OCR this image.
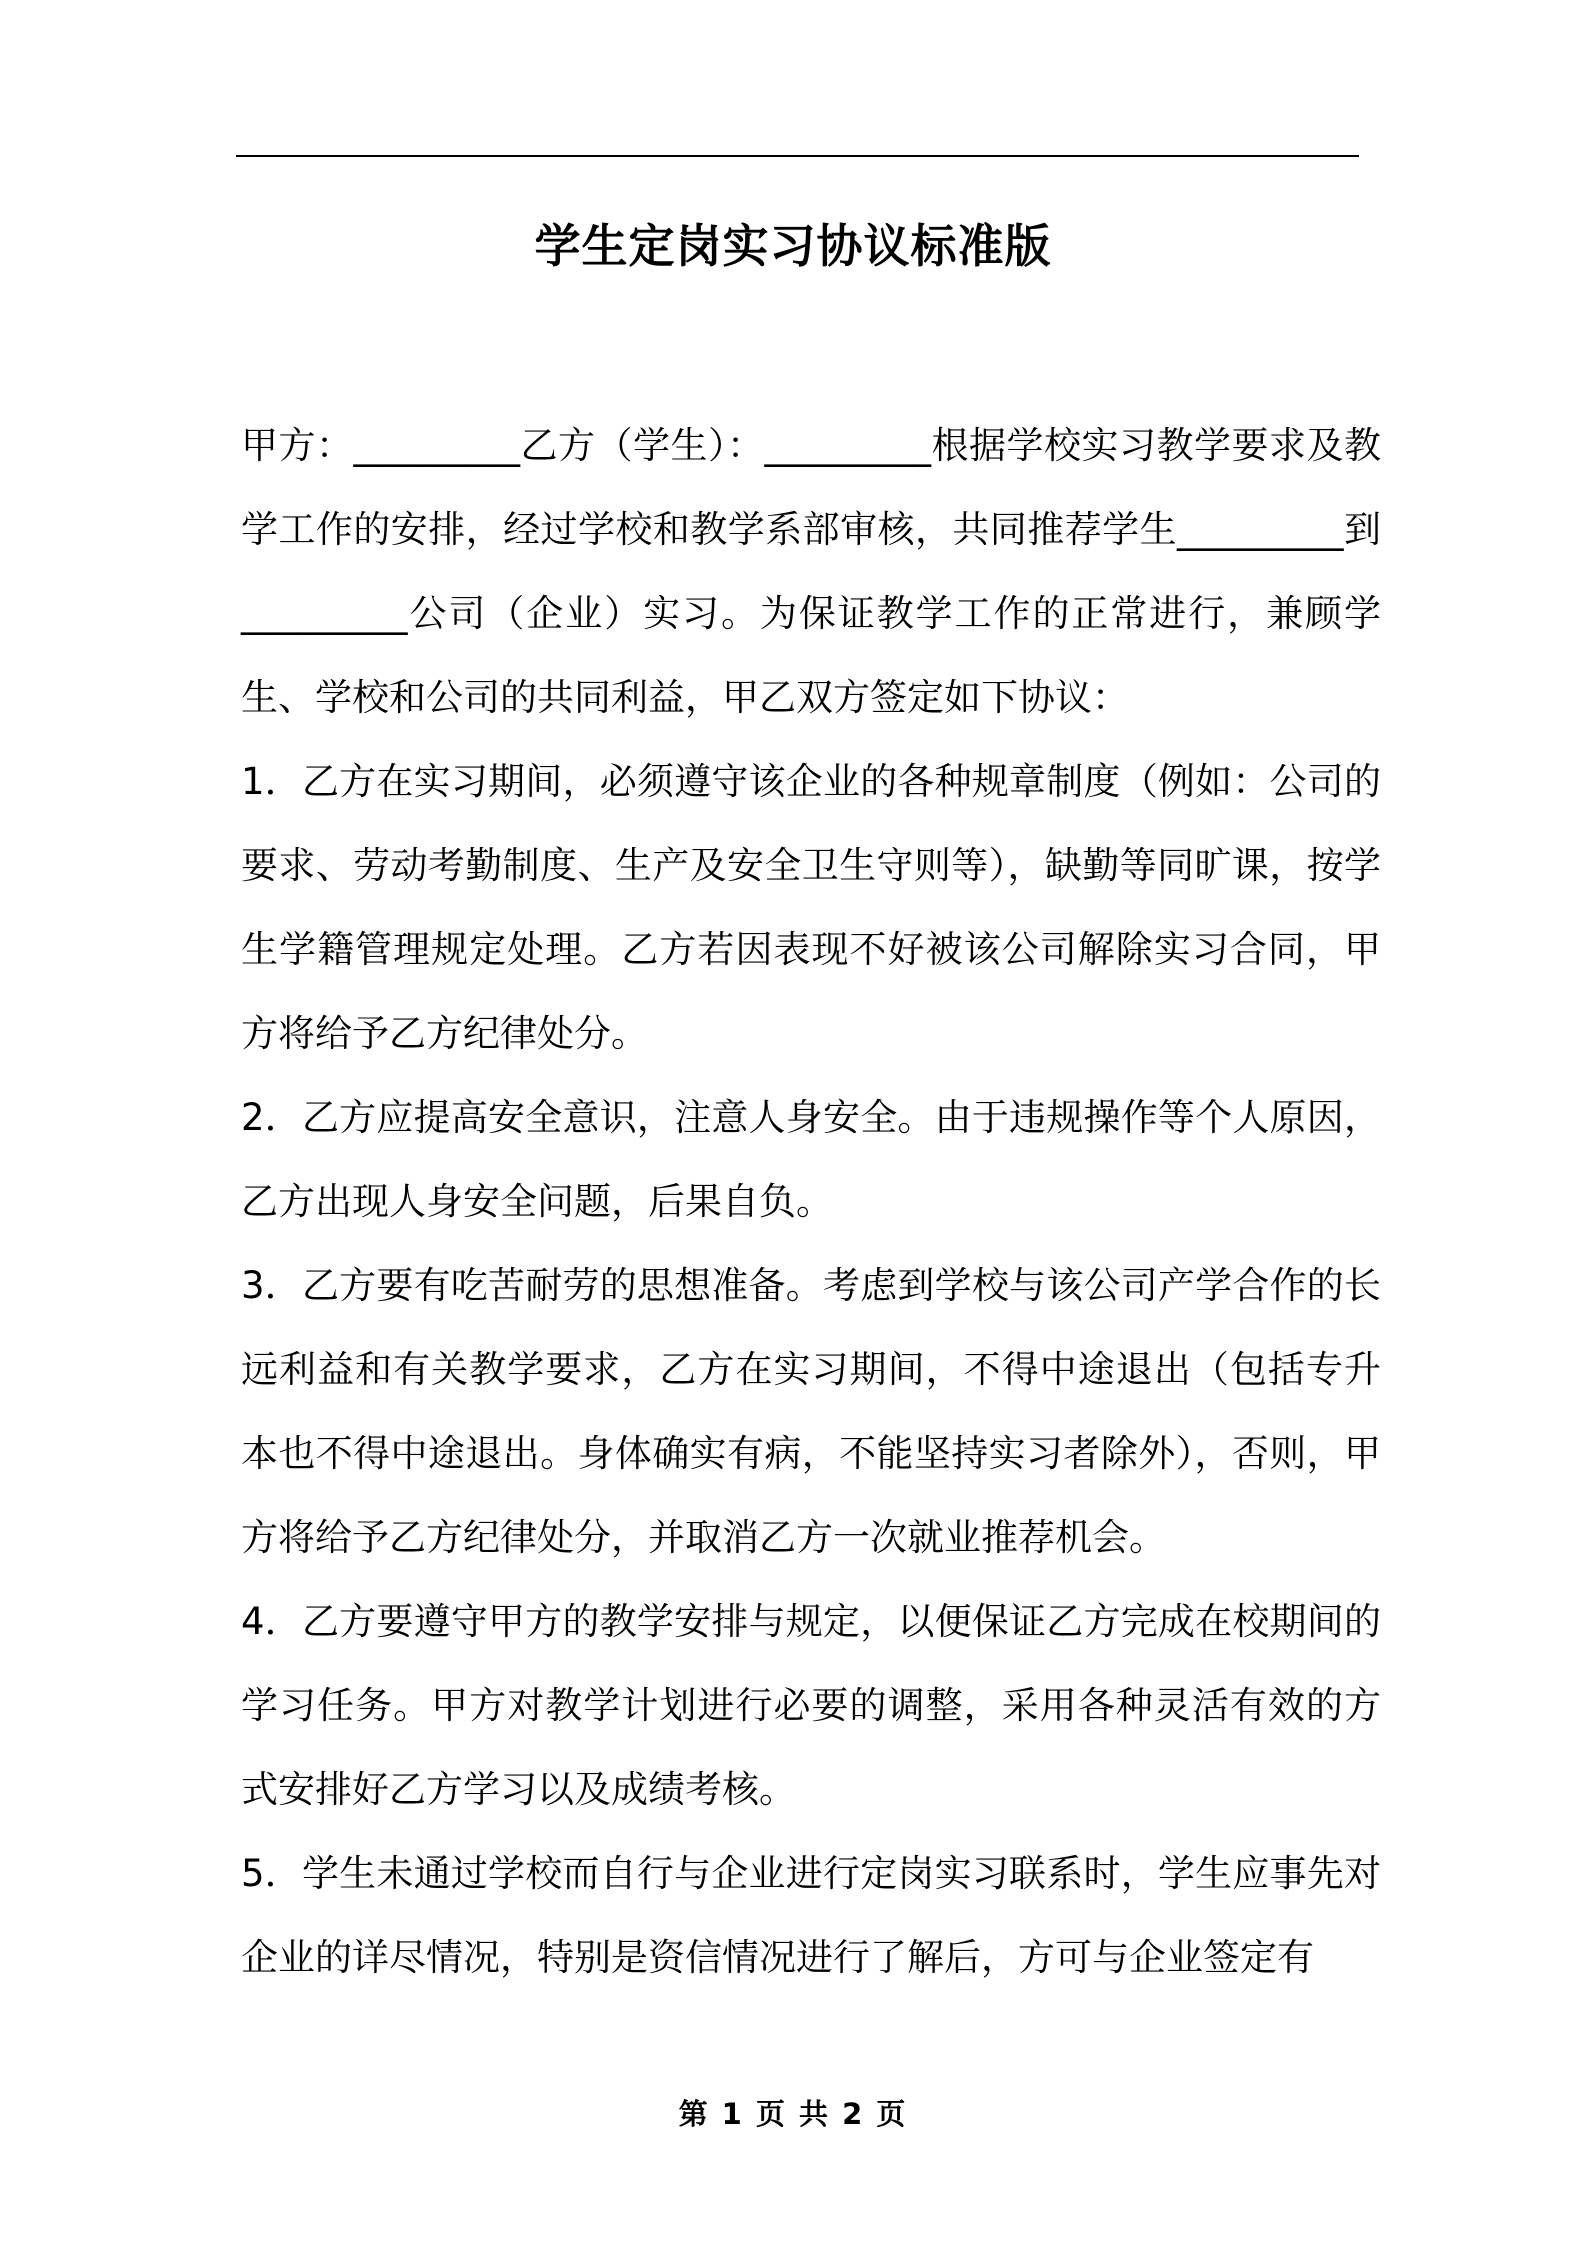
学生定岗实习协议标准版

甲方：_________乙方（学生）：_________根据学校实习教学要求及教学工作的安排，经过学校和教学系部审核，共同推荐学生_________到_________公司（企业）实习。为保证教学工作的正常进行，兼顾学生、学校和公司的共同利益，甲乙双方签定如下协议：

1．乙方在实习期间，必须遵守该企业的各种规章制度（例如：公司的要求、劳动考勤制度、生产及安全卫生守则等），缺勤等同旷课，按学生学籍管理规定处理。乙方若因表现不好被该公司解除实习合同，甲方将给予乙方纪律处分。

2．乙方应提高安全意识，注意人身安全。由于违规操作等个人原因，乙方出现人身安全问题，后果自负。

3．乙方要有吃苦耐劳的思想准备。考虑到学校与该公司产学合作的长远利益和有关教学要求，乙方在实习期间，不得中途退出（包括专升本也不得中途退出。身体确实有病，不能坚持实习者除外），否则，甲方将给予乙方纪律处分，并取消乙方一次就业推荐机会。

4．乙方要遵守甲方的教学安排与规定，以便保证乙方完成在校期间的学习任务。甲方对教学计划进行必要的调整，采用各种灵活有效的方式安排好乙方学习以及成绩考核。

5．学生未通过学校而自行与企业进行定岗实习联系时，学生应事先对企业的详尽情况，特别是资信情况进行了解后，方可与企业签定有

第 1 页 共 2 页
